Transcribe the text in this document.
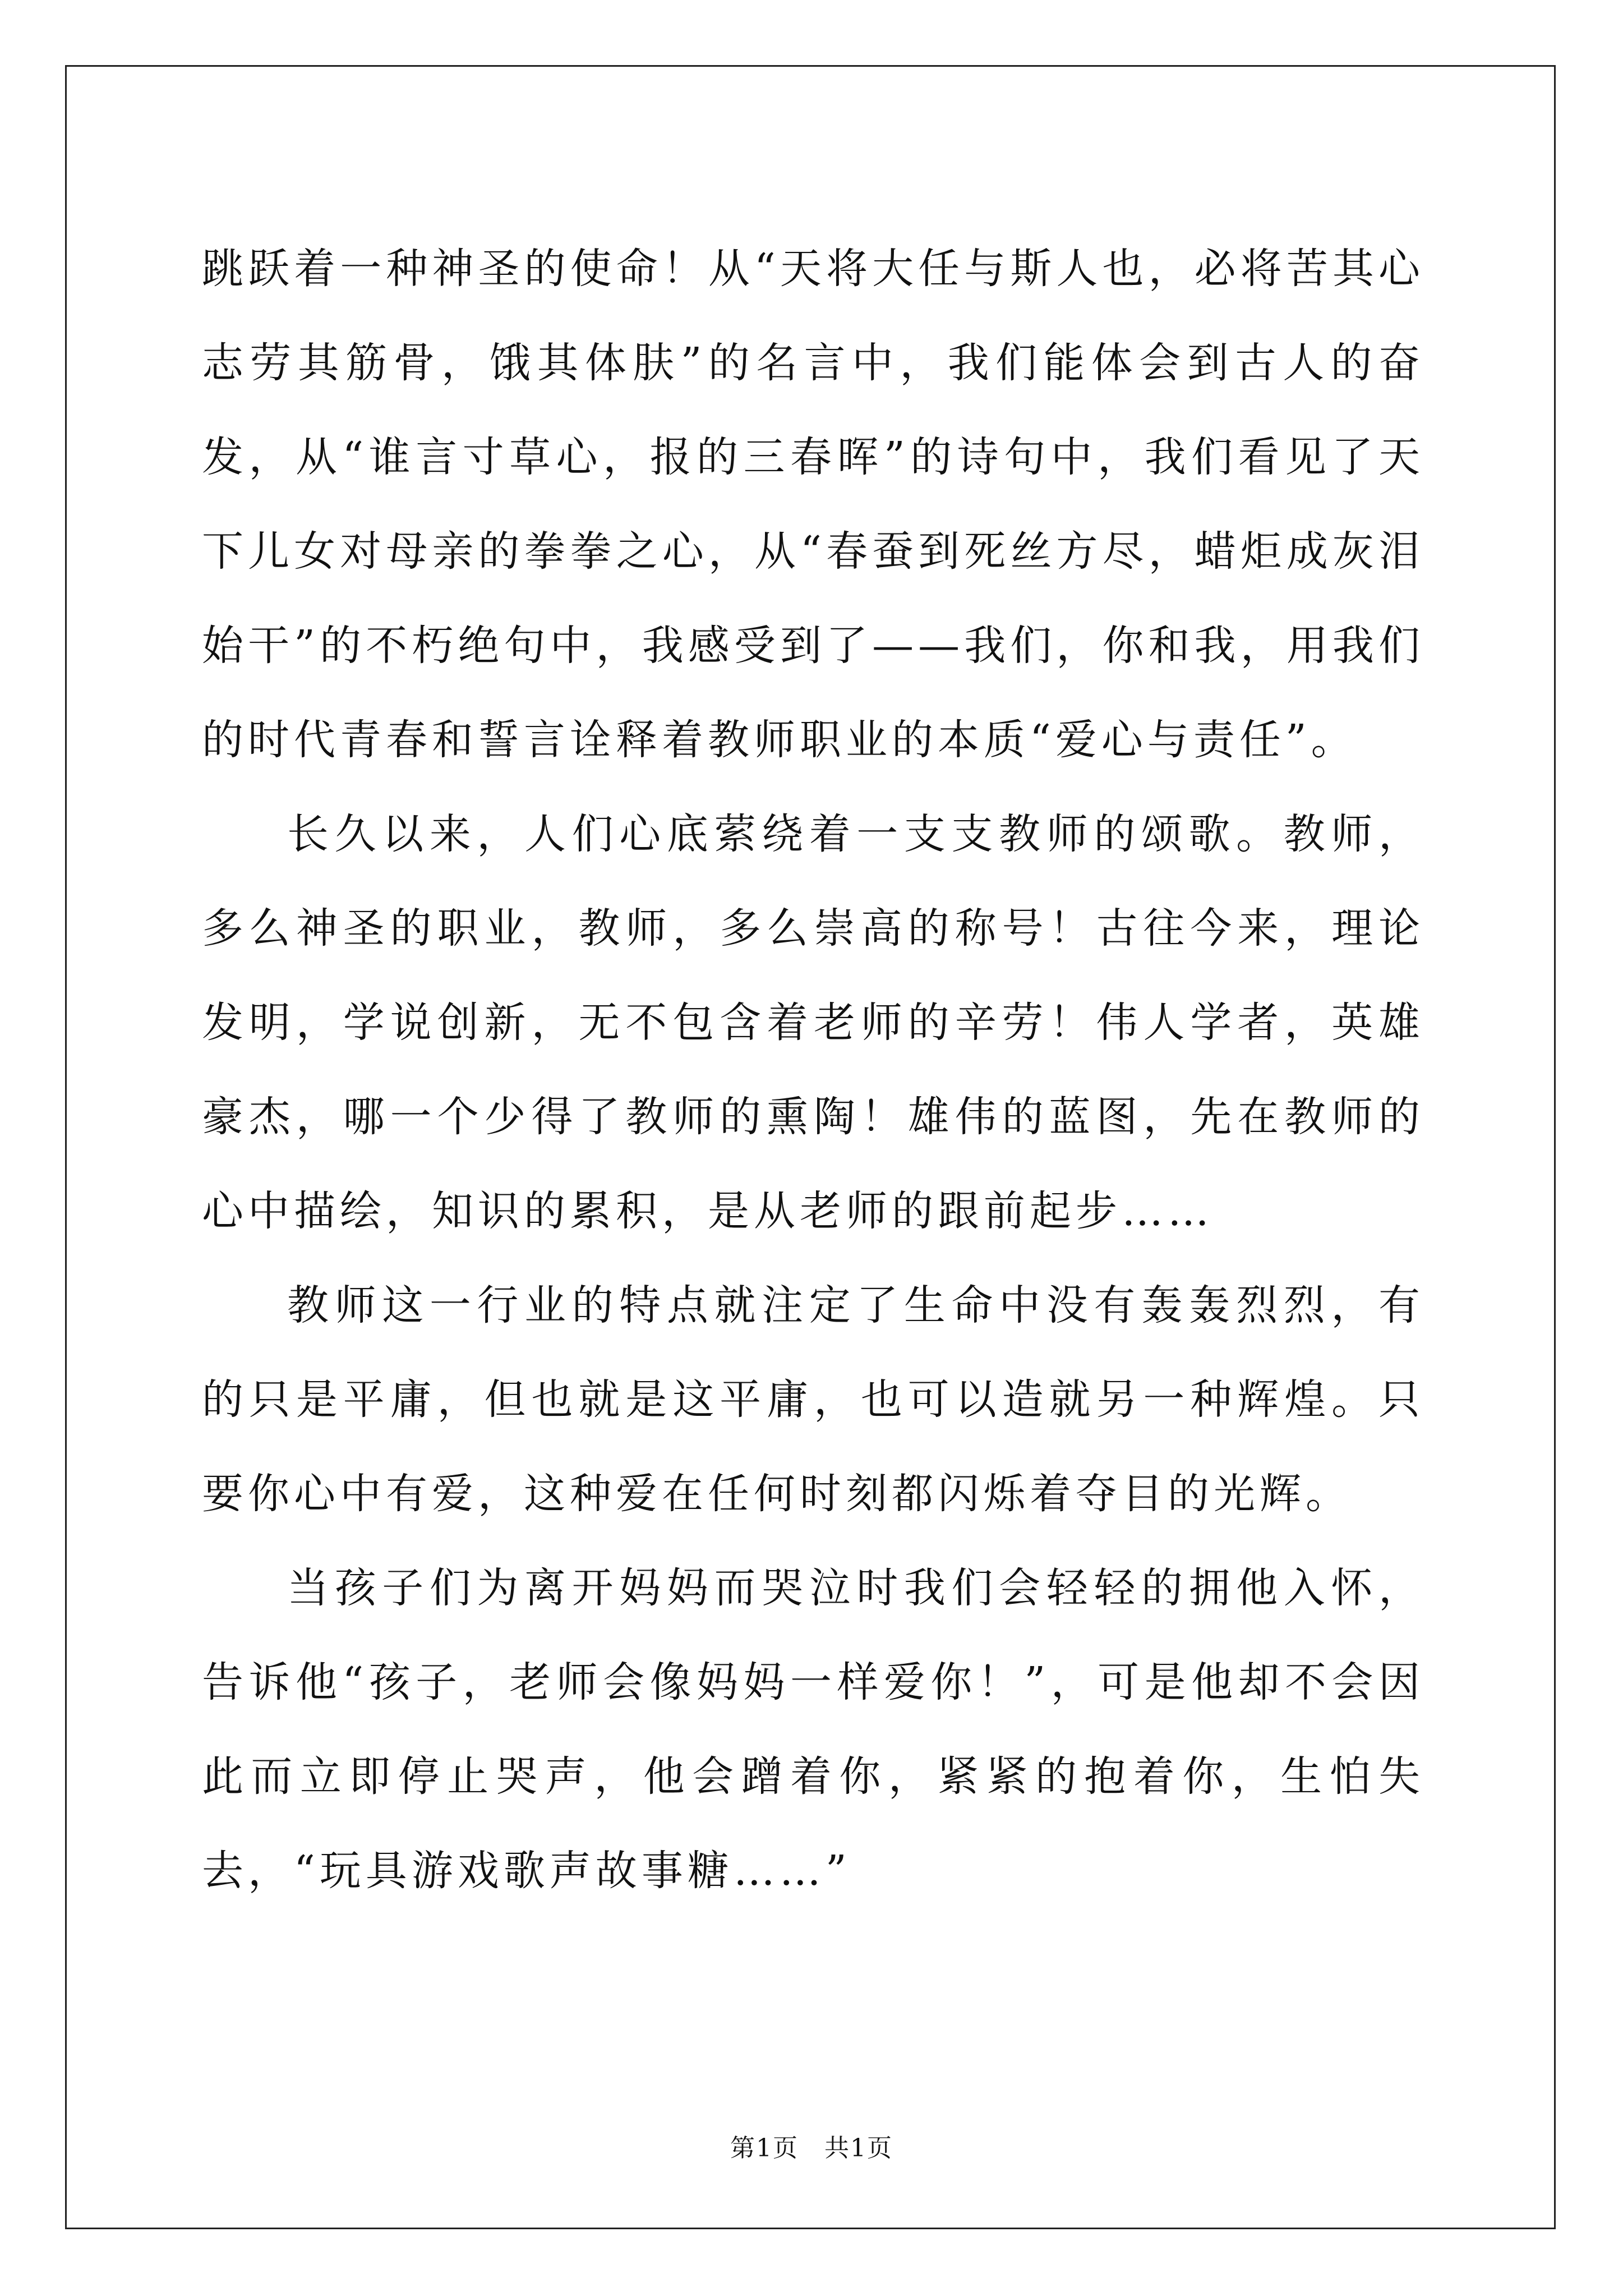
跳跃着一种神圣的使命！从“天将大任与斯人也，必将苦其心志劳其筋骨，饿其体肤”的名言中，我们能体会到古人的奋发，从“谁言寸草心，报的三春晖”的诗句中，我们看见了天下儿女对母亲的拳拳之心，从“春蚕到死丝方尽，蜡炬成灰泪始干”的不朽绝句中，我感受到了——我们，你和我，用我们的时代青春和誓言诠释着教师职业的本质“爱心与责任”。

长久以来，人们心底萦绕着一支支教师的颂歌。教师，多么神圣的职业，教师，多么崇高的称号！古往今来，理论发明，学说创新，无不包含着老师的辛劳！伟人学者，英雄豪杰，哪一个少得了教师的熏陶！雄伟的蓝图，先在教师的心中描绘，知识的累积，是从老师的跟前起步……

教师这一行业的特点就注定了生命中没有轰轰烈烈，有的只是平庸，但也就是这平庸，也可以造就另一种辉煌。只要你心中有爱，这种爱在任何时刻都闪烁着夺目的光辉。

当孩子们为离开妈妈而哭泣时我们会轻轻的拥他入怀，告诉他“孩子，老师会像妈妈一样爱你！”，可是他却不会因此而立即停止哭声，他会蹭着你，紧紧的抱着你，生怕失去，“玩具游戏歌声故事糖……”

第1页　共1页
